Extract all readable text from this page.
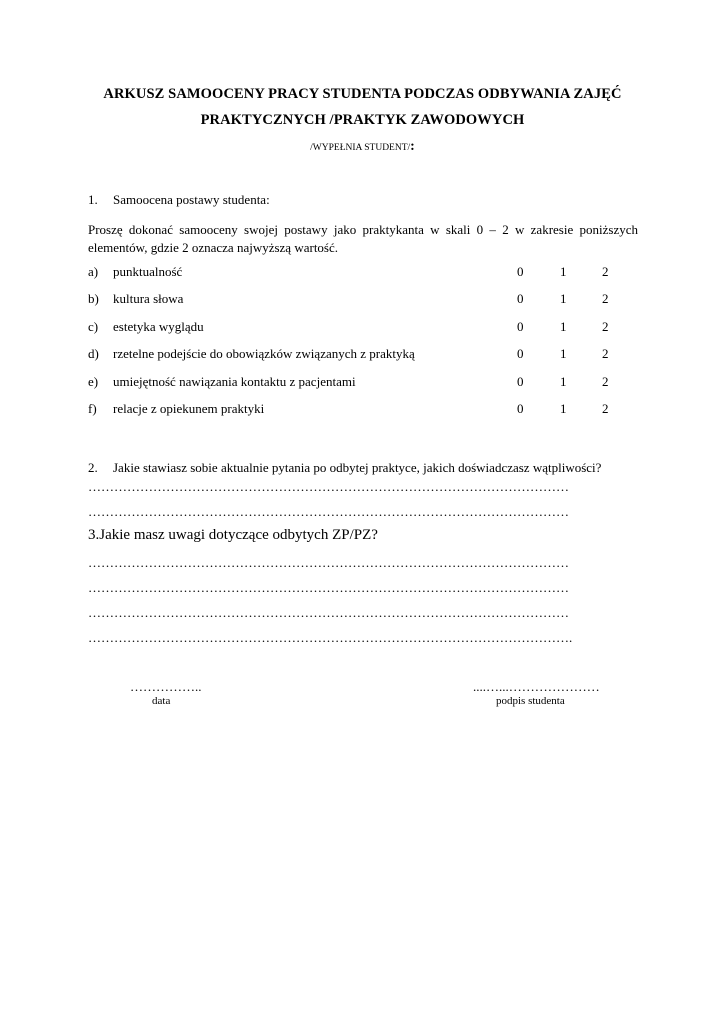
ARKUSZ SAMOOCENY PRACY STUDENTA PODCZAS ODBYWANIA ZAJĘĆ
PRAKTYCZNYCH /PRAKTYK ZAWODOWYCH
/WYPEŁNIA STUDENT/:
1. Samoocena postawy studenta:
Proszę dokonać samooceny swojej postawy jako praktykanta w skali 0 – 2 w zakresie poniższych elementów, gdzie 2 oznacza najwyższą wartość.
a) punktualność	0	1	2
b) kultura słowa	0	1	2
c) estetyka wyglądu	0	1	2
d) rzetelne podejście do obowiązków związanych z praktyką	0	1	2
e) umiejętność nawiązania kontaktu z pacjentami	0	1	2
f) relacje z opiekunem praktyki	0	1	2
2. Jakie stawiasz sobie aktualnie pytania po odbytej praktyce, jakich doświadczasz wątpliwości?
…………………………………………………………………………………………………
…………………………………………………………………………………………………
3.Jakie masz uwagi dotyczące odbytych ZP/PZ?
…………………………………………………………………………………………………
…………………………………………………………………………………………………
…………………………………………………………………………………………………
………………………………………………………………………………………………….
……………..
data
....…...…………………
podpis studenta
